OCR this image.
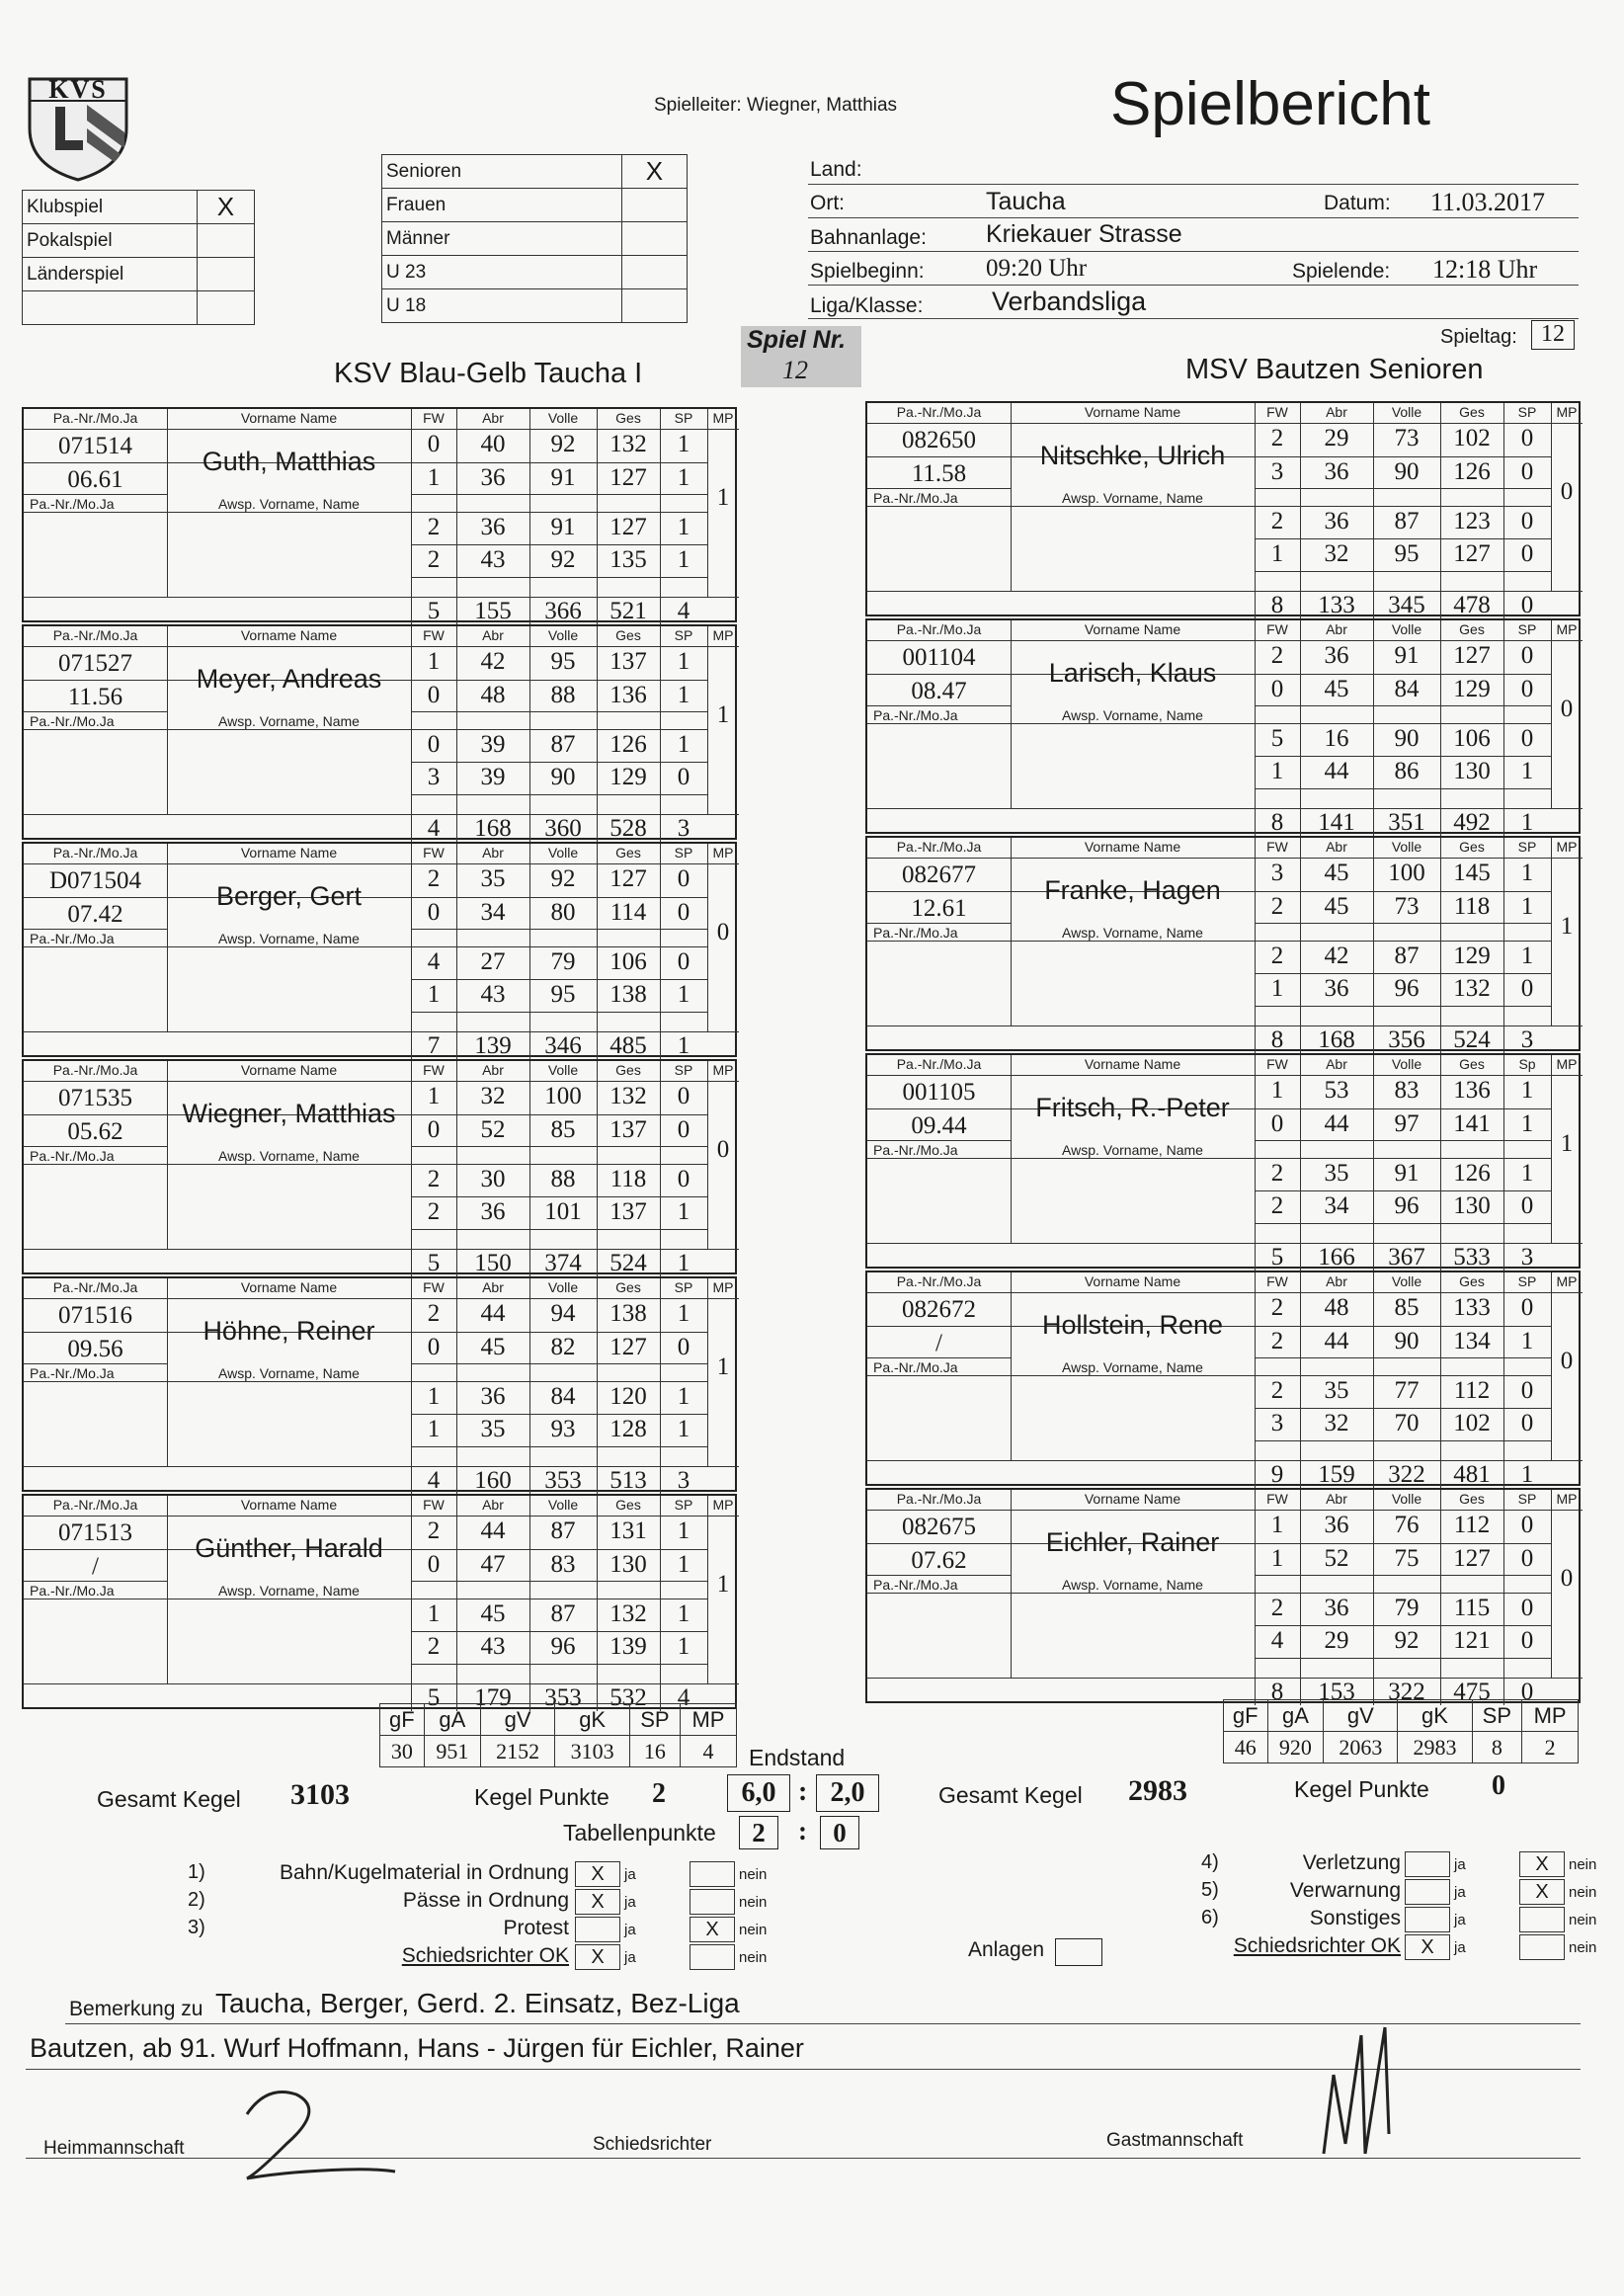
KVS
Spielleiter: Wiegner, Matthias	Spielbericht
Klubspiel	X
Pokalspiel	
Länderspiel	

Senioren	X
Frauen	
Männer	
U 23	
U 18	
Land:
Ort:	Taucha	Datum: 11.03.2017
Bahnanlage: Kriekauer Strasse
Spielbeginn: 09:20 Uhr	Spielende: 12:18 Uhr
Liga/Klasse:	Verbandsliga
Spieltag:	12
Spiel Nr.
12
KSV Blau-Gelb Taucha I	MSV Bautzen Senioren
Pa.-Nr./Mo.Ja	Vorname Name	FW	Abr	Volle	Ges	SP	MP
071514
06.61
Pa.-Nr./Mo.Ja
Guth, Matthias
Awsp. Vorname, Name
0	40	92	132	1
1	36	91	127	1
2	36	91	127	1
2	43	92	135	1
5	155	366	521	4
1
Pa.-Nr./Mo.Ja	Vorname Name	FW	Abr	Volle	Ges	SP	MP
071527
11.56
Pa.-Nr./Mo.Ja
Meyer, Andreas
Awsp. Vorname, Name
1	42	95	137	1
0	48	88	136	1
0	39	87	126	1
3	39	90	129	0
4	168	360	528	3
1
Pa.-Nr./Mo.Ja	Vorname Name	FW	Abr	Volle	Ges	SP	MP
D071504
07.42
Pa.-Nr./Mo.Ja
Berger, Gert
Awsp. Vorname, Name
2	35	92	127	0
0	34	80	114	0
4	27	79	106	0
1	43	95	138	1
7	139	346	485	1
0
Pa.-Nr./Mo.Ja	Vorname Name	FW	Abr	Volle	Ges	SP	MP
071535
05.62
Pa.-Nr./Mo.Ja
Wiegner, Matthias
Awsp. Vorname, Name
1	32	100	132	0
0	52	85	137	0
2	30	88	118	0
2	36	101	137	1
5	150	374	524	1
0
Pa.-Nr./Mo.Ja	Vorname Name	FW	Abr	Volle	Ges	SP	MP
071516
09.56
Pa.-Nr./Mo.Ja
Höhne, Reiner
Awsp. Vorname, Name
2	44	94	138	1
0	45	82	127	0
1	36	84	120	1
1	35	93	128	1
4	160	353	513	3
1
Pa.-Nr./Mo.Ja	Vorname Name	FW	Abr	Volle	Ges	SP	MP
071513
/
Pa.-Nr./Mo.Ja
Günther, Harald
Awsp. Vorname, Name
2	44	87	131	1
0	47	83	130	1
1	45	87	132	1
2	43	96	139	1
5	179	353	532	4
1
Pa.-Nr./Mo.Ja	Vorname Name	FW	Abr	Volle	Ges	SP	MP
082650
11.58
Pa.-Nr./Mo.Ja
Nitschke, Ulrich
Awsp. Vorname, Name
2	29	73	102	0
3	36	90	126	0
2	36	87	123	0
1	32	95	127	0
8	133	345	478	0
0
Pa.-Nr./Mo.Ja	Vorname Name	FW	Abr	Volle	Ges	SP	MP
001104
08.47
Pa.-Nr./Mo.Ja
Larisch, Klaus
Awsp. Vorname, Name
2	36	91	127	0
0	45	84	129	0
5	16	90	106	0
1	44	86	130	1
8	141	351	492	1
0
Pa.-Nr./Mo.Ja	Vorname Name	FW	Abr	Volle	Ges	SP	MP
082677
12.61
Pa.-Nr./Mo.Ja
Franke, Hagen
Awsp. Vorname, Name
3	45	100	145	1
2	45	73	118	1
2	42	87	129	1
1	36	96	132	0
8	168	356	524	3
1
Pa.-Nr./Mo.Ja	Vorname Name	FW	Abr	Volle	Ges	Sp	MP
001105
09.44
Pa.-Nr./Mo.Ja
Fritsch, R.-Peter
Awsp. Vorname, Name
1	53	83	136	1
0	44	97	141	1
2	35	91	126	1
2	34	96	130	0
5	166	367	533	3
1
Pa.-Nr./Mo.Ja	Vorname Name	FW	Abr	Volle	Ges	SP	MP
082672
/
Pa.-Nr./Mo.Ja
Hollstein, Rene
Awsp. Vorname, Name
2	48	85	133	0
2	44	90	134	1
2	35	77	112	0
3	32	70	102	0
9	159	322	481	1
0
Pa.-Nr./Mo.Ja	Vorname Name	FW	Abr	Volle	Ges	SP	MP
082675
07.62
Pa.-Nr./Mo.Ja
Eichler, Rainer
Awsp. Vorname, Name
1	36	76	112	0
1	52	75	127	0
2	36	79	115	0
4	29	92	121	0
8	153	322	475	0
0
gF	gA	gV	gK	SP	MP
30	951	2152	3103	16	4
gF	gA	gV	gK	SP	MP
46	920	2063	2983	8	2
Endstand
Gesamt Kegel 3103	Kegel Punkte 2	6,0 : 2,0
Tabellenpunkte	2	: 0
Gesamt Kegel 2983	Kegel Punkte 0
1)	Bahn/Kugelmaterial in Ordnung	X	ja	nein
2)	Pässe in Ordnung	X	ja	nein
3)	Protest	ja	X	nein
Schiedsrichter OK	X	ja	nein
4)	Verletzung	ja	X	nein
5)	Verwarnung	ja	X	nein
6)	Sonstiges	ja	nein
Schiedsrichter OK	X	ja	nein
Anlagen
Bemerkung zu Taucha, Berger, Gerd. 2. Einsatz, Bez-Liga
Bautzen, ab 91. Wurf Hoffmann, Hans - Jürgen für Eichler, Rainer
Heimmannschaft	Schiedsrichter	Gastmannschaft
